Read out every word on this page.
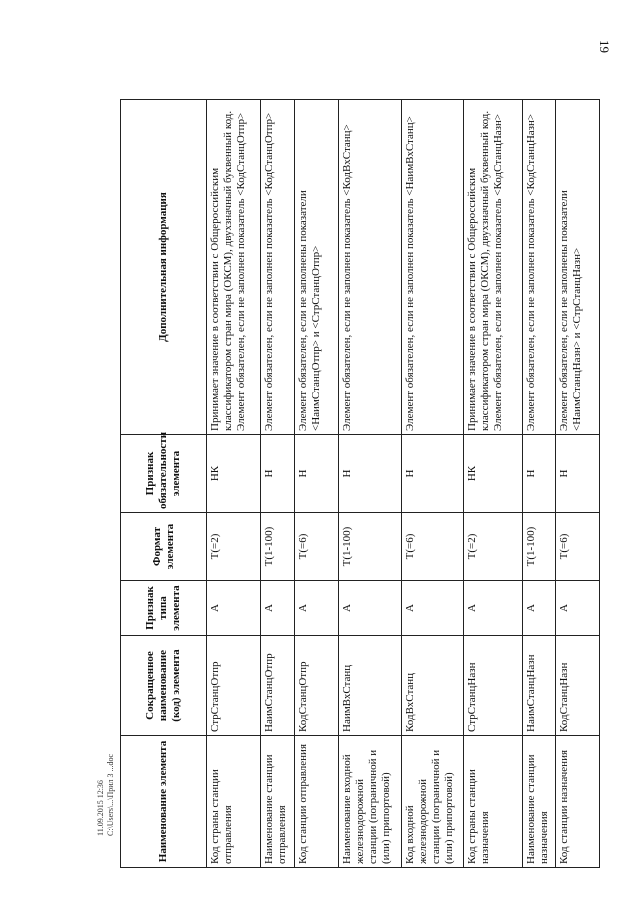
19
11.09.2015 12:36 С:\Users\...\Прил 3 ...doc	Наименование элемента	Сокращенное наименование (код) элемента	Признак типа элемента	Формат элемента	Признак обязательности элемента	Дополнительная информация
Код страны станции отправления	СтрСтанцОтпр	А	Т(=2)	НК	Принимает значение в соответствии с Общероссийским классификатором стран мира (ОКСМ), двухзначный буквенный код. Элемент обязателен, если не заполнен показатель <КодСтанцОтпр>
Наименование станции отправления	НаимСтанцОтпр	А	Т(1-100)	Н	Элемент обязателен, если не заполнен показатель <КодСтанцОтпр>
Код станции отправления	КодСтанцОтпр	А	Т(=6)	Н	Элемент обязателен, если не заполнены показатели <НаимСтанцОтпр> и <СтрСтанцОтпр>
Наименование входной железнодорожной станции (пограничной и (или) припортовой)	НаимВхСтанц	А	Т(1-100)	Н	Элемент обязателен, если не заполнен показатель <КодВхСтанц>
Код входной железнодорожной станции (пограничной и (или) припортовой)	КодВхСтанц	А	Т(=6)	Н	Элемент обязателен, если не заполнен показатель <НаимВхСтанц>
Код страны станции назначения	СтрСтанцНазн	А	Т(=2)	НК	Принимает значение в соответствии с Общероссийским классификатором стран мира (ОКСМ), двухзначный буквенный код. Элемент обязателен, если не заполнен показатель <КодСтанцНазн>
Наименование станции назначения	НаимСтанцНазн	А	Т(1-100)	Н	Элемент обязателен, если не заполнен показатель <КодСтанцНазн>
Код станции назначения	КодСтанцНазн	А	Т(=6)	Н	Элемент обязателен, если не заполнены показатели <НаимСтанцНазн> и <СтрСтанцНазн>
